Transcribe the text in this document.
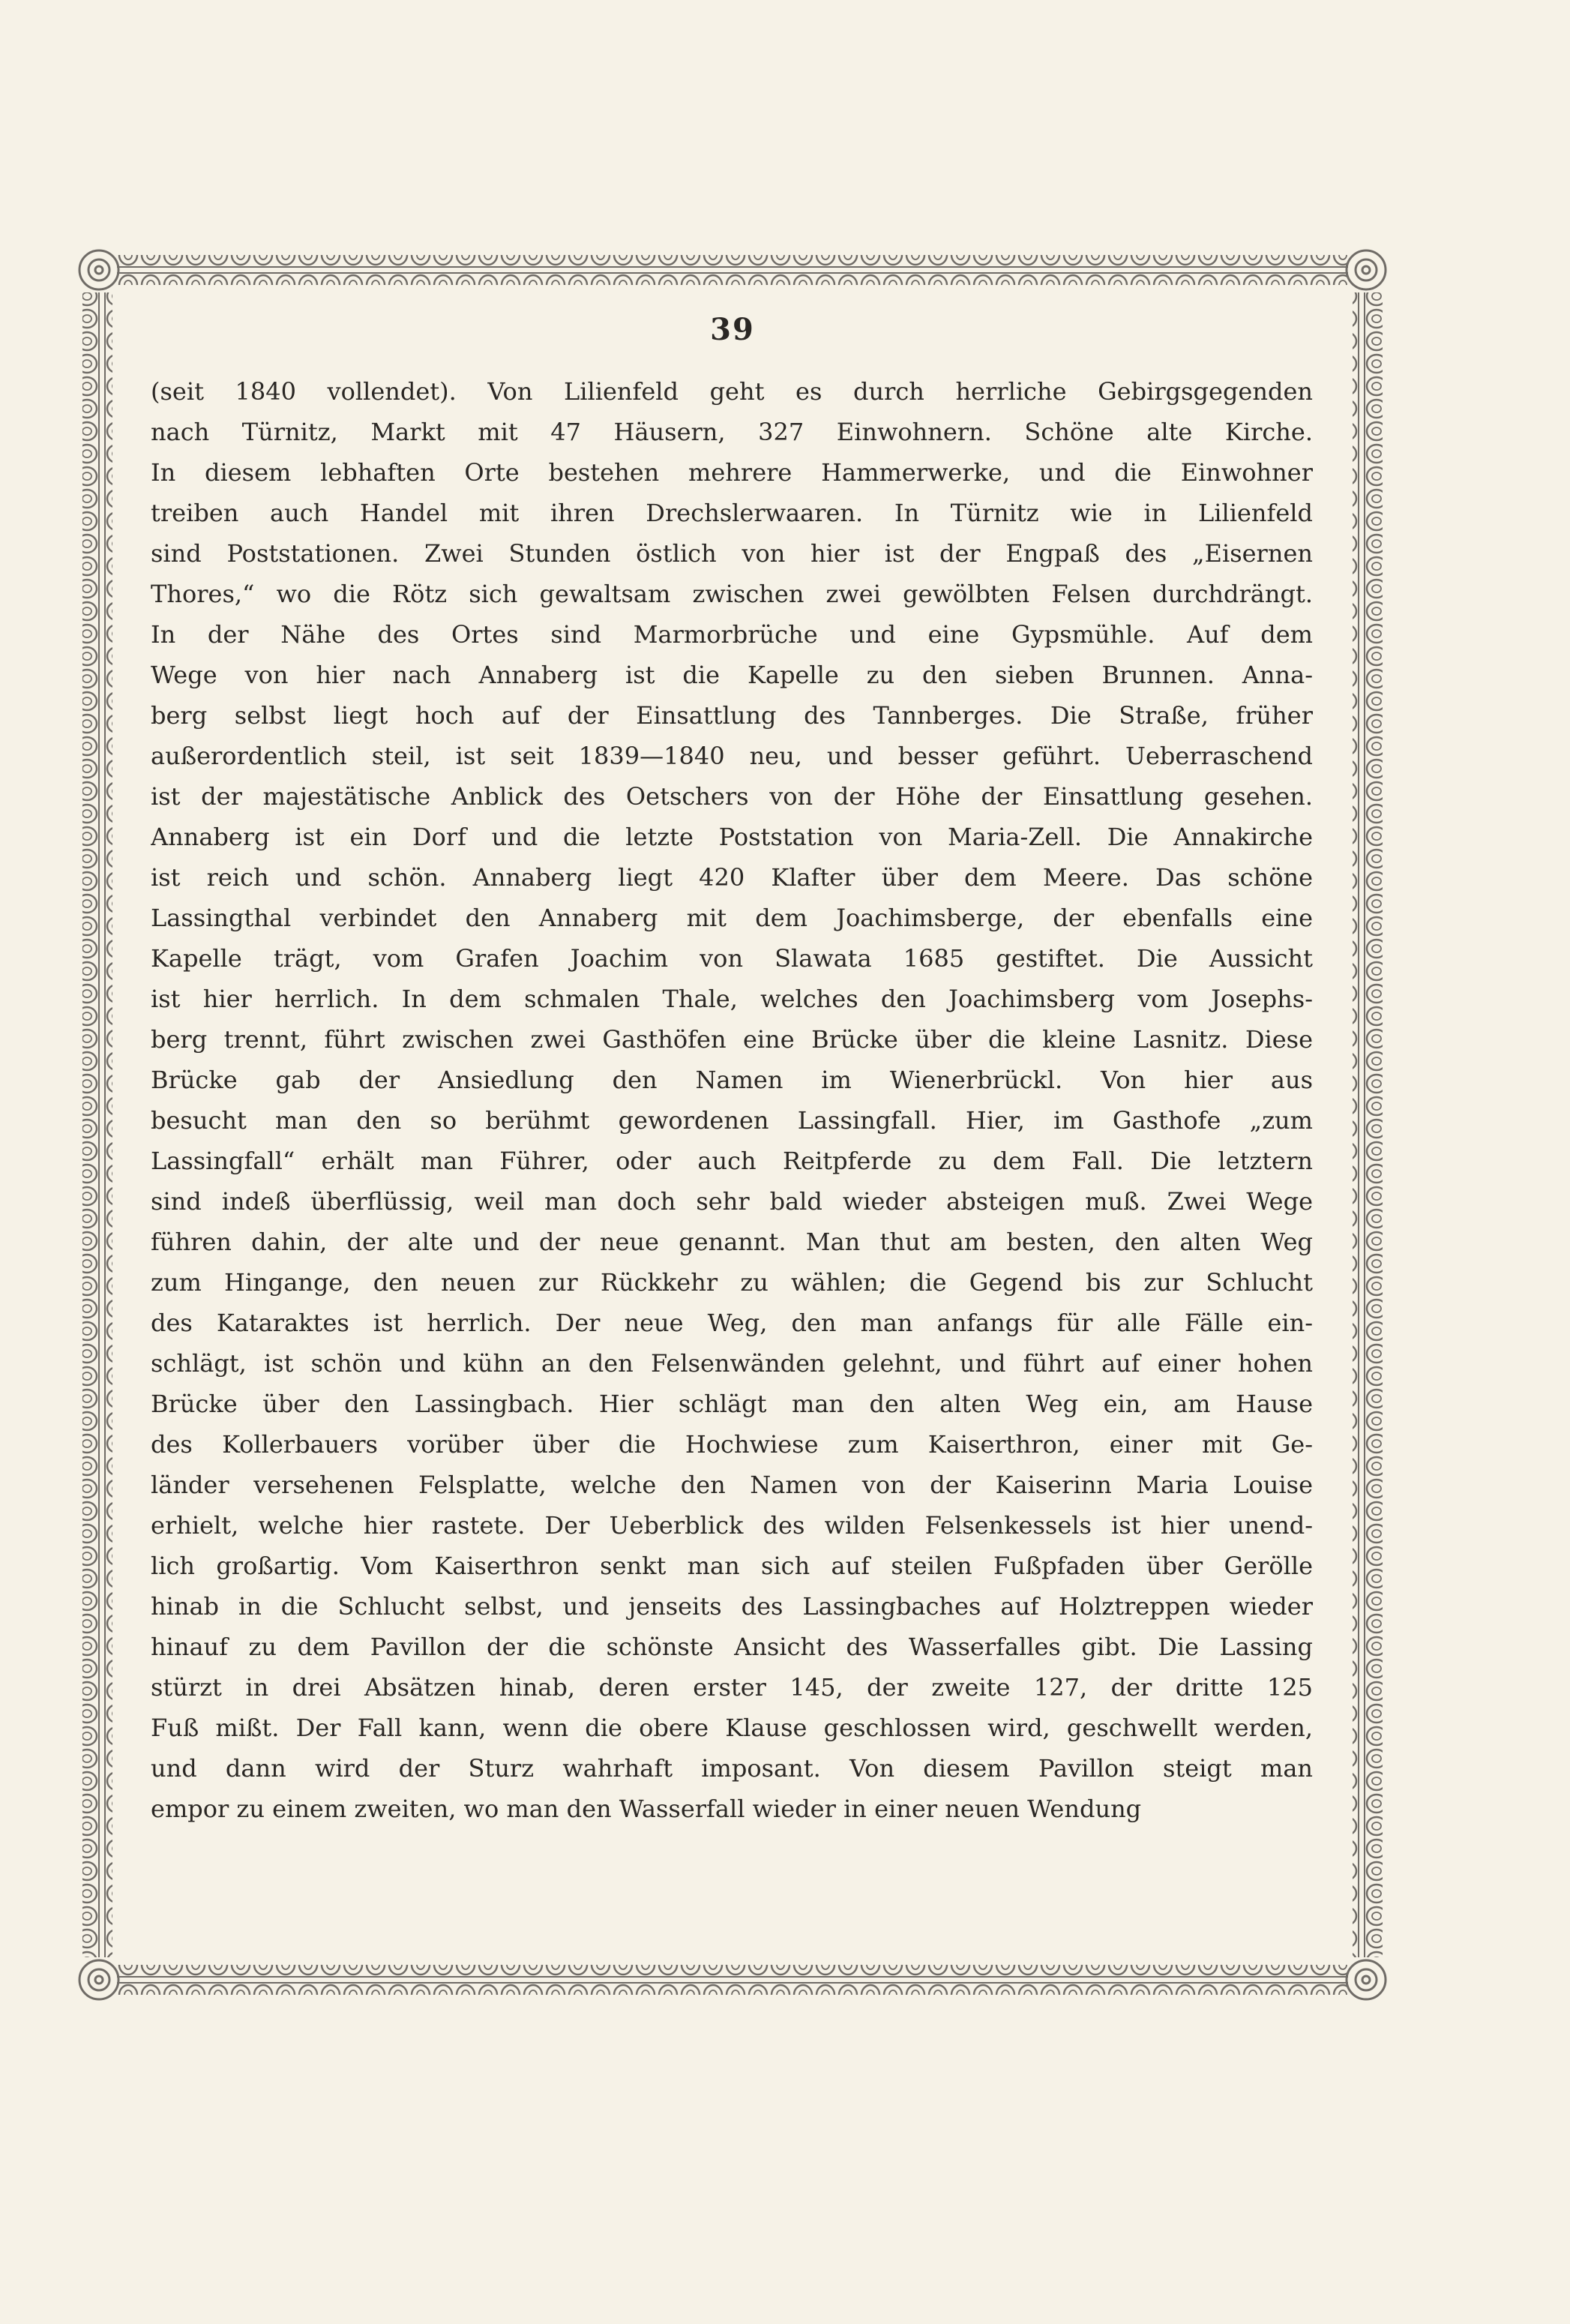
39
(seit 1840 vollendet). Von Lilienfeld geht es durch herrliche Gebirgsgegenden
nach Türnitz, Markt mit 47 Häusern, 327 Einwohnern. Schöne alte Kirche.
In diesem lebhaften Orte bestehen mehrere Hammerwerke, und die Einwohner
treiben auch Handel mit ihren Drechslerwaaren. In Türnitz wie in Lilienfeld
sind Poststationen. Zwei Stunden östlich von hier ist der Engpaß des „Eisernen
Thores,“ wo die Rötz sich gewaltsam zwischen zwei gewölbten Felsen durchdrängt.
In der Nähe des Ortes sind Marmorbrüche und eine Gypsmühle. Auf dem
Wege von hier nach Annaberg ist die Kapelle zu den sieben Brunnen. Anna-
berg selbst liegt hoch auf der Einsattlung des Tannberges. Die Straße, früher
außerordentlich steil, ist seit 1839—1840 neu, und besser geführt. Ueberraschend
ist der majestätische Anblick des Oetschers von der Höhe der Einsattlung gesehen.
Annaberg ist ein Dorf und die letzte Poststation von Maria-Zell. Die Annakirche
ist reich und schön. Annaberg liegt 420 Klafter über dem Meere. Das schöne
Lassingthal verbindet den Annaberg mit dem Joachimsberge, der ebenfalls eine
Kapelle trägt, vom Grafen Joachim von Slawata 1685 gestiftet. Die Aussicht
ist hier herrlich. In dem schmalen Thale, welches den Joachimsberg vom Josephs-
berg trennt, führt zwischen zwei Gasthöfen eine Brücke über die kleine Lasnitz. Diese
Brücke gab der Ansiedlung den Namen im Wienerbrückl. Von hier aus
besucht man den so berühmt gewordenen Lassingfall. Hier, im Gasthofe „zum
Lassingfall“ erhält man Führer, oder auch Reitpferde zu dem Fall. Die letztern
sind indeß überflüssig, weil man doch sehr bald wieder absteigen muß. Zwei Wege
führen dahin, der alte und der neue genannt. Man thut am besten, den alten Weg
zum Hingange, den neuen zur Rückkehr zu wählen; die Gegend bis zur Schlucht
des Kataraktes ist herrlich. Der neue Weg, den man anfangs für alle Fälle ein-
schlägt, ist schön und kühn an den Felsenwänden gelehnt, und führt auf einer hohen
Brücke über den Lassingbach. Hier schlägt man den alten Weg ein, am Hause
des Kollerbauers vorüber über die Hochwiese zum Kaiserthron, einer mit Ge-
länder versehenen Felsplatte, welche den Namen von der Kaiserinn Maria Louise
erhielt, welche hier rastete. Der Ueberblick des wilden Felsenkessels ist hier unend-
lich großartig. Vom Kaiserthron senkt man sich auf steilen Fußpfaden über Gerölle
hinab in die Schlucht selbst, und jenseits des Lassingbaches auf Holztreppen wieder
hinauf zu dem Pavillon der die schönste Ansicht des Wasserfalles gibt. Die Lassing
stürzt in drei Absätzen hinab, deren erster 145, der zweite 127, der dritte 125
Fuß mißt. Der Fall kann, wenn die obere Klause geschlossen wird, geschwellt werden,
und dann wird der Sturz wahrhaft imposant. Von diesem Pavillon steigt man
empor zu einem zweiten, wo man den Wasserfall wieder in einer neuen Wendung
